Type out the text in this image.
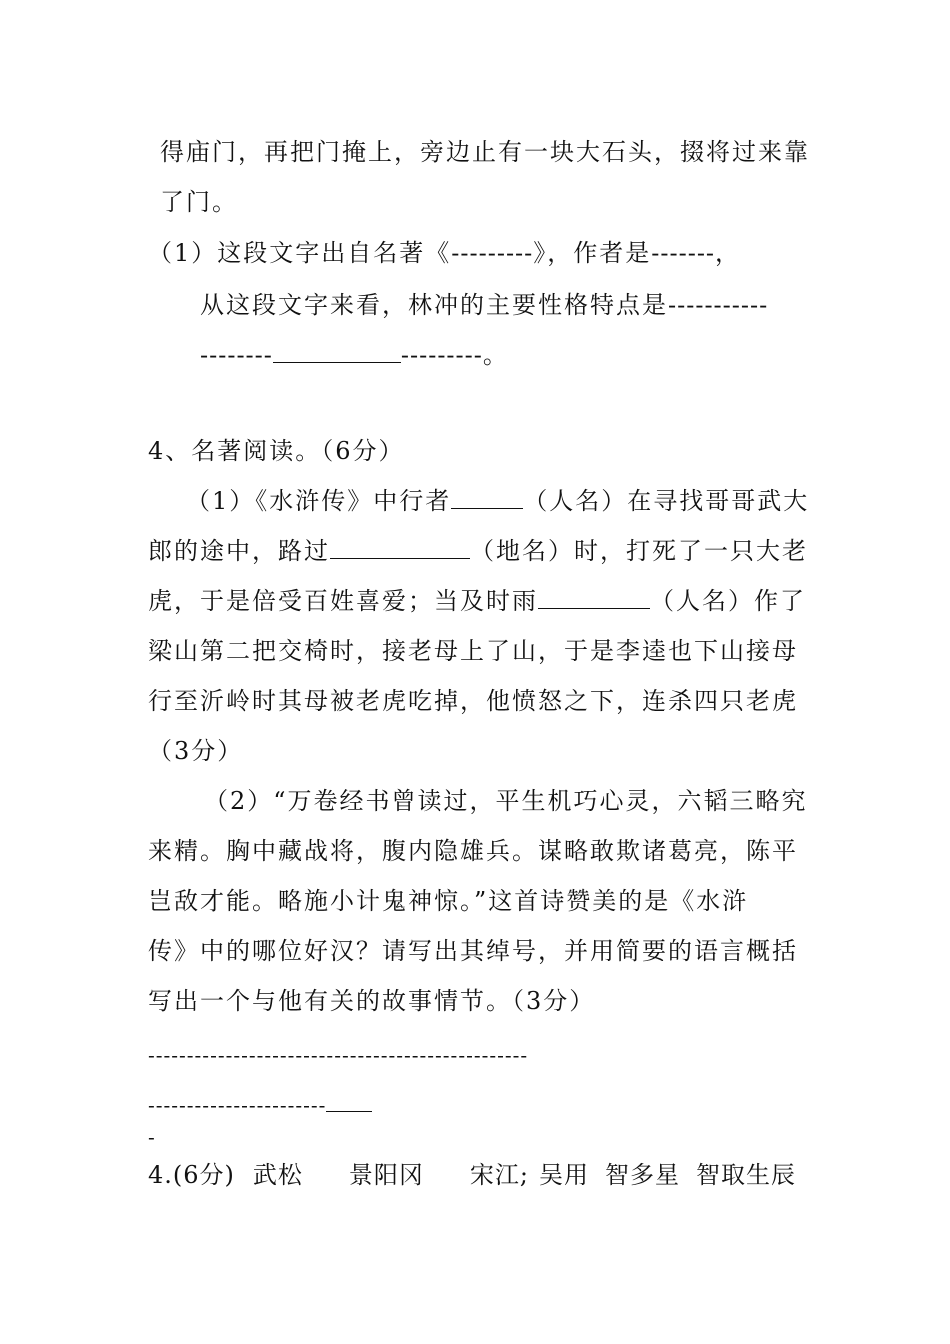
得庙门，再把门掩上，旁边止有一块大石头，掇将过来靠
了门。
（1）这段文字出自名著《---------》，作者是-------，
从这段文字来看，林冲的主要性格特点是-----------
--------	---------。
4、名著阅读。（6分）
（1）《水浒传》中行者	（人名）在寻找哥哥武大
郎的途中，路过	（地名）时，打死了一只大老
虎，于是倍受百姓喜爱；当及时雨	（人名）作了
梁山第二把交椅时，接老母上了山，于是李逵也下山接母
行至沂岭时其母被老虎吃掉，他愤怒之下，连杀四只老虎
（3分）
（2）“万卷经书曾读过，平生机巧心灵，六韬三略究
来精。胸中藏战将，腹内隐雄兵。谋略敢欺诸葛亮，陈平
岂敌才能。略施小计鬼神惊。”这首诗赞美的是《水浒
传》中的哪位好汉？请写出其绰号，并用简要的语言概括
写出一个与他有关的故事情节。（3分）
-------------------------------------------------
-----------------------
-
4.(6分) 武松 景阳冈 宋江; 吴用 智多星 智取生辰
